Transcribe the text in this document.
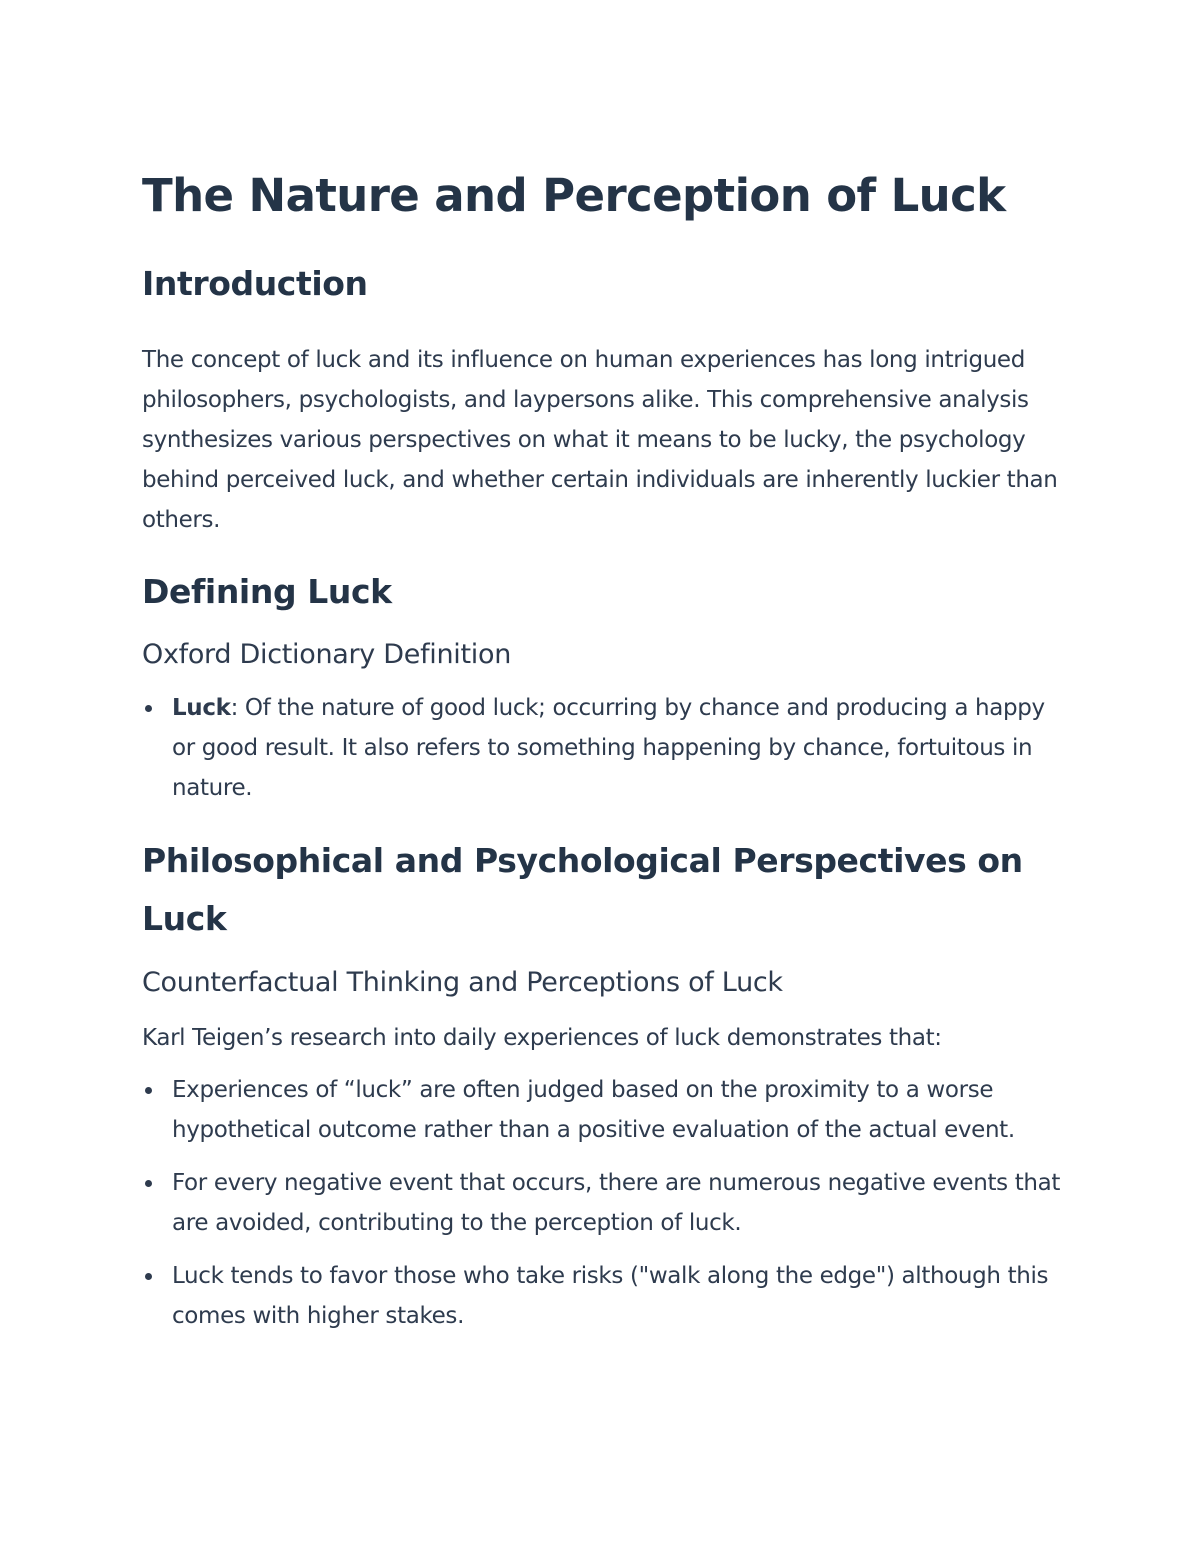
The Nature and Perception of Luck
Introduction

The concept of luck and its influence on human experiences has long intrigued philosophers, psychologists, and laypersons alike. This comprehensive analysis synthesizes various perspectives on what it means to be lucky, the psychology behind perceived luck, and whether certain individuals are inherently luckier than others.

Defining Luck
Oxford Dictionary Definition
Luck: Of the nature of good luck; occurring by chance and producing a happy or good result. It also refers to something happening by chance, fortuitous in nature.
Philosophical and Psychological Perspectives on Luck
Counterfactual Thinking and Perceptions of Luck

Karl Teigen’s research into daily experiences of luck demonstrates that:

Experiences of “luck” are often judged based on the proximity to a worse hypothetical outcome rather than a positive evaluation of the actual event.
For every negative event that occurs, there are numerous negative events that are avoided, contributing to the perception of luck.
Luck tends to favor those who take risks ("walk along the edge") although this comes with higher stakes.
